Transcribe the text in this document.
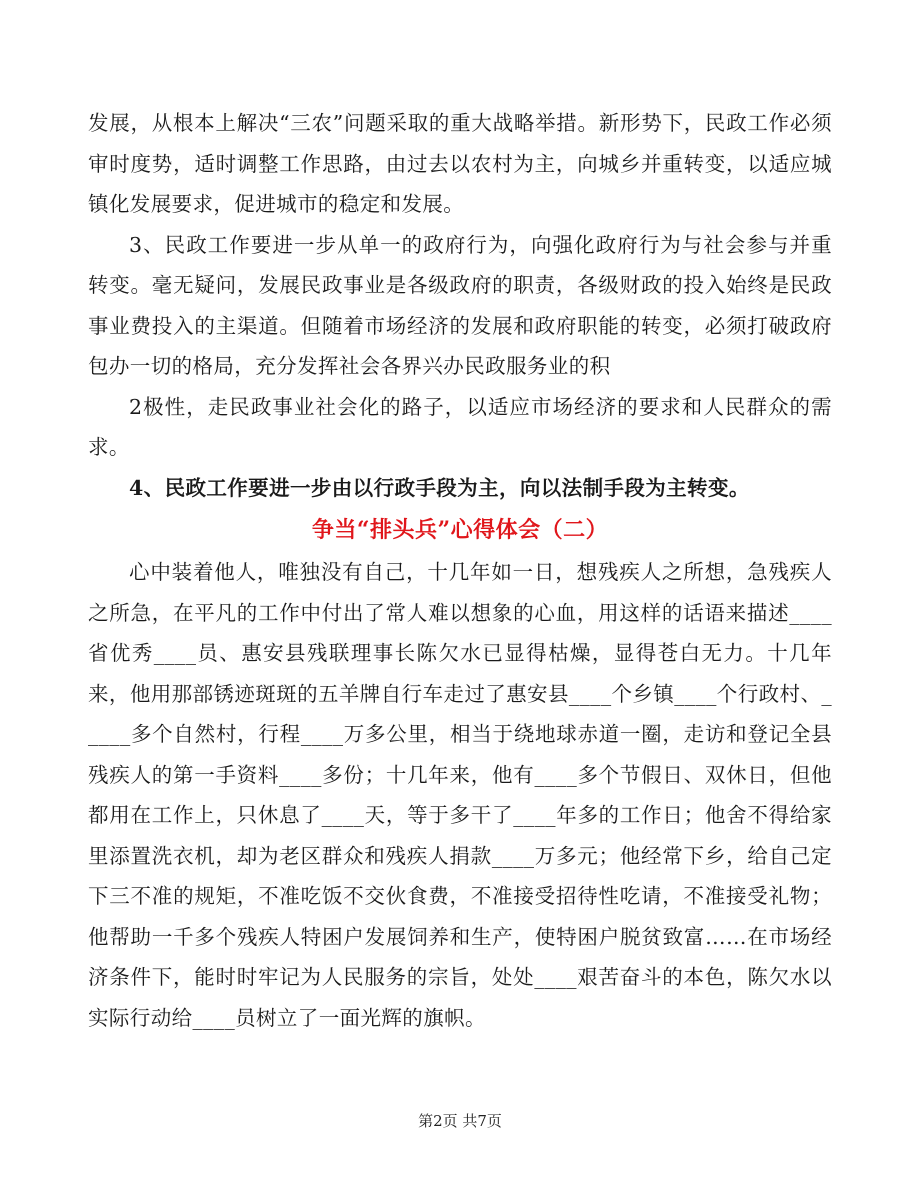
发展，从根本上解决“三农”问题采取的重大战略举措。新形势下，民政工作必须审时度势，适时调整工作思路，由过去以农村为主，向城乡并重转变，以适应城镇化发展要求，促进城市的稳定和发展。

3、民政工作要进一步从单一的政府行为，向强化政府行为与社会参与并重转变。毫无疑问，发展民政事业是各级政府的职责，各级财政的投入始终是民政事业费投入的主渠道。但随着市场经济的发展和政府职能的转变，必须打破政府包办一切的格局，充分发挥社会各界兴办民政服务业的积

2极性，走民政事业社会化的路子，以适应市场经济的要求和人民群众的需求。

4、民政工作要进一步由以行政手段为主，向以法制手段为主转变。

争当“排头兵”心得体会（二）

心中装着他人，唯独没有自己，十几年如一日，想残疾人之所想，急残疾人之所急，在平凡的工作中付出了常人难以想象的心血，用这样的话语来描述____省优秀____员、惠安县残联理事长陈欠水已显得枯燥，显得苍白无力。十几年来，他用那部锈迹斑斑的五羊牌自行车走过了惠安县____个乡镇____个行政村、_____多个自然村，行程____万多公里，相当于绕地球赤道一圈，走访和登记全县残疾人的第一手资料____多份；十几年来，他有____多个节假日、双休日，但他都用在工作上，只休息了____天，等于多干了____年多的工作日；他舍不得给家里添置洗衣机，却为老区群众和残疾人捐款____万多元；他经常下乡，给自己定下三不准的规矩，不准吃饭不交伙食费，不准接受招待性吃请，不准接受礼物；他帮助一千多个残疾人特困户发展饲养和生产，使特困户脱贫致富……在市场经济条件下，能时时牢记为人民服务的宗旨，处处____艰苦奋斗的本色，陈欠水以实际行动给____员树立了一面光辉的旗帜。

第2页 共7页
